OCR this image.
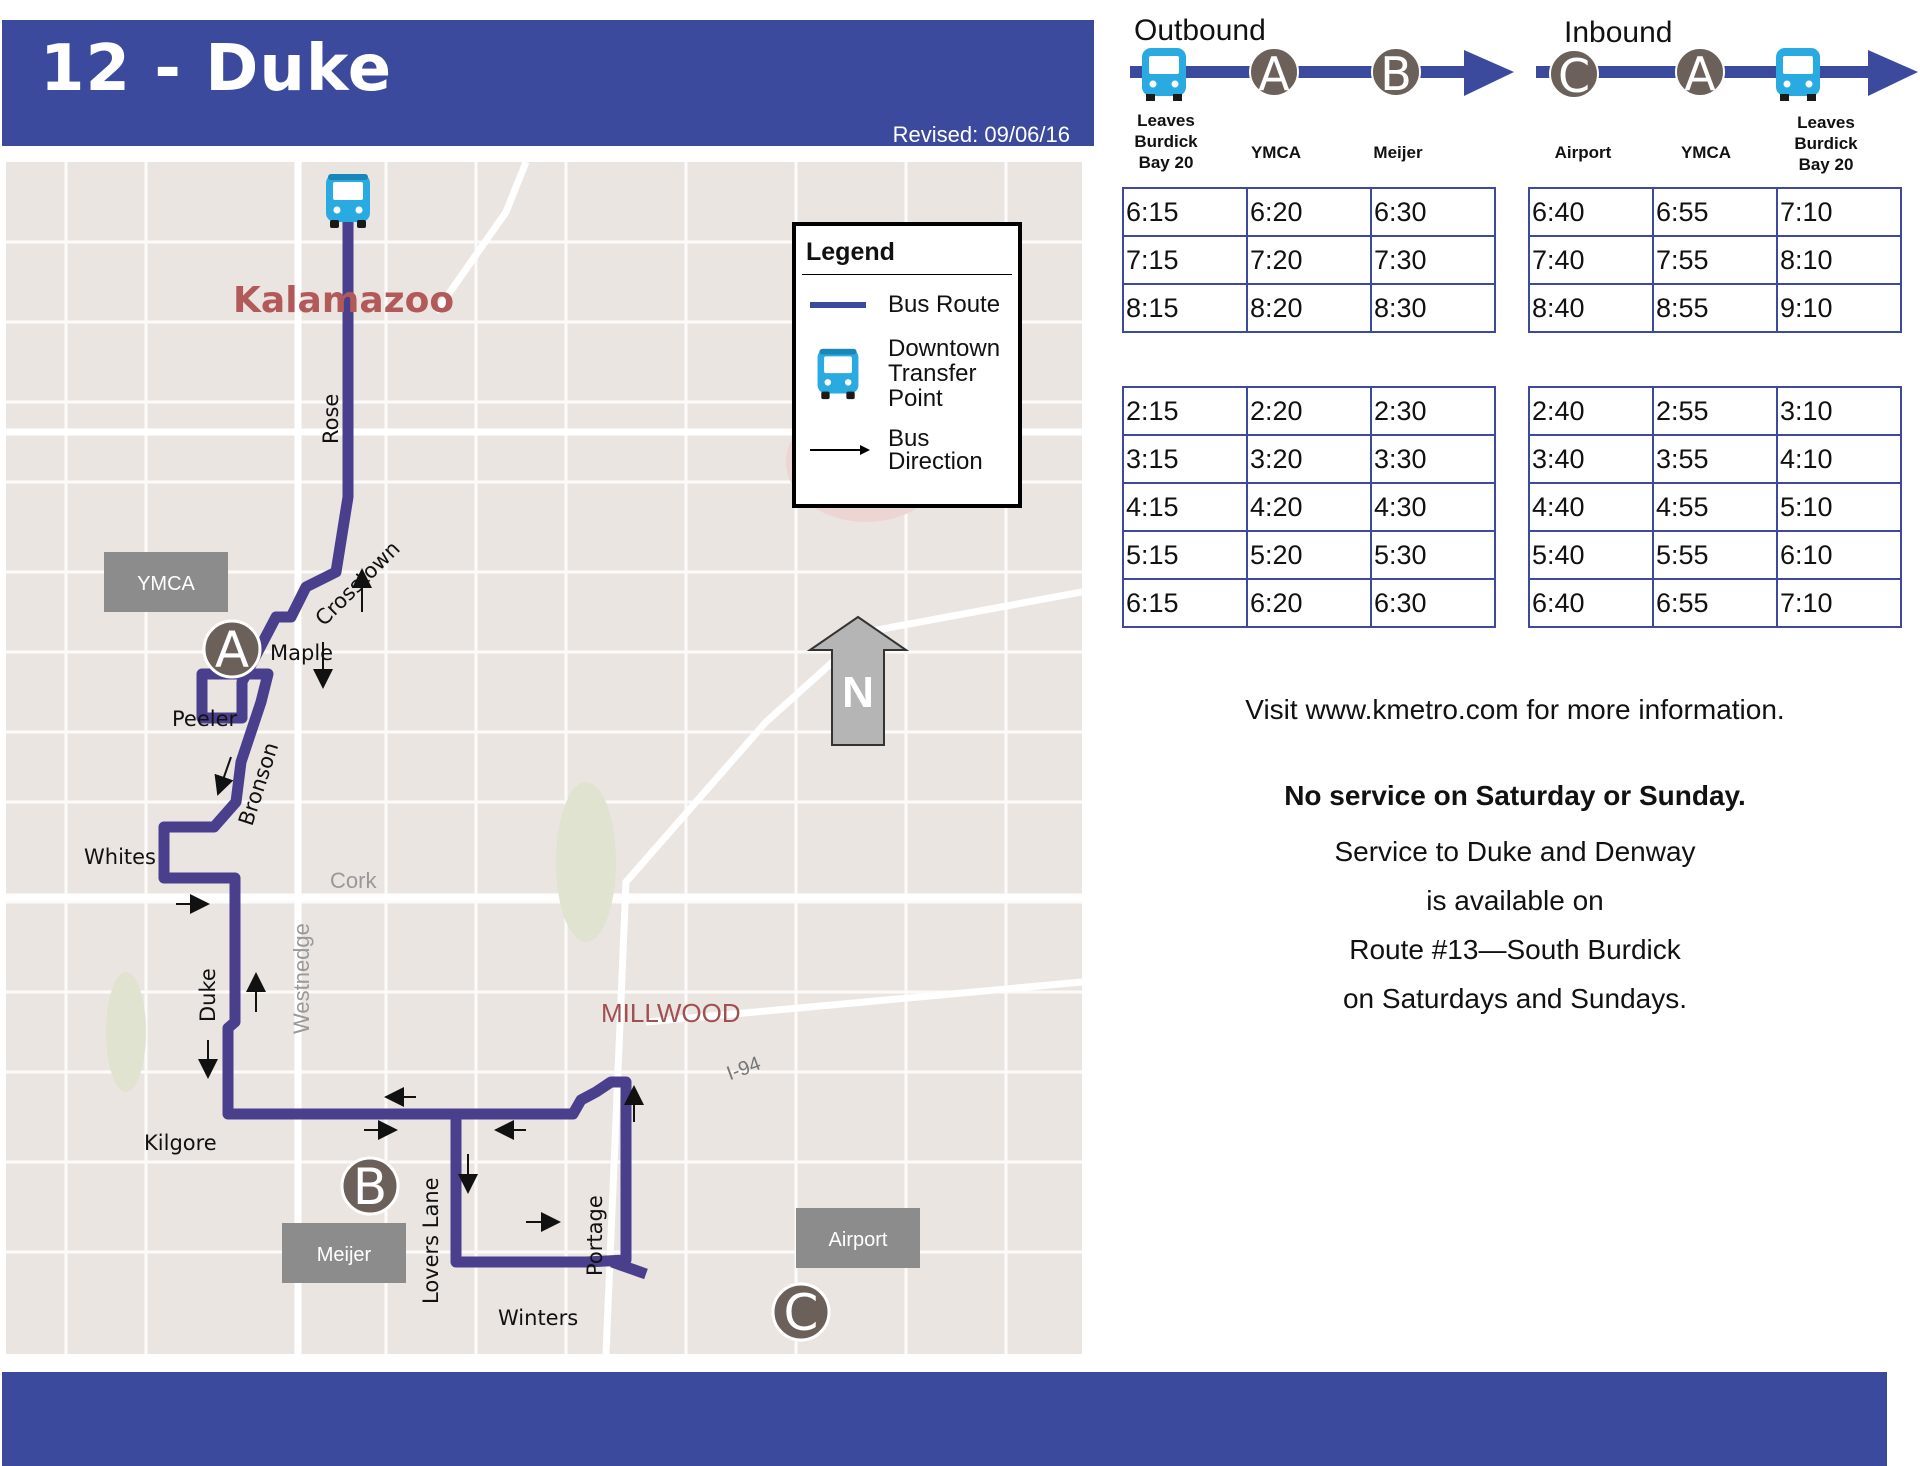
12 - Duke
Revised: 09/06/16
Kalamazoo
MILLWOOD
I-94
Rose
Crosstown
Maple
Peeler
Bronson
Whites
Duke
Kilgore
Lovers Lane	Portage
Winters
Cork
Westnedge
YMCA
Meijer
Airport
A
B
C
N
Legend
Bus Route
Downtown
Transfer
Point
Bus
Direction
Outbound
A B
Leaves
Burdick
Bay 20
YMCA	Meijer
Inbound
C A
Airport	YMCA
Leaves
Burdick
Bay 20
6:15	6:20	6:30
7:15	7:20	7:30
8:15	8:20	8:30
6:40	6:55	7:10
7:40	7:55	8:10
8:40	8:55	9:10
2:15	2:20	2:30
3:15	3:20	3:30
4:15	4:20	4:30
5:15	5:20	5:30
6:15	6:20	6:30
2:40	2:55	3:10
3:40	3:55	4:10
4:40	4:55	5:10
5:40	5:55	6:10
6:40	6:55	7:10
Visit www.kmetro.com for more information.
No service on Saturday or Sunday.
Service to Duke and Denway
is available on
Route #13—South Burdick
on Saturdays and Sundays.
